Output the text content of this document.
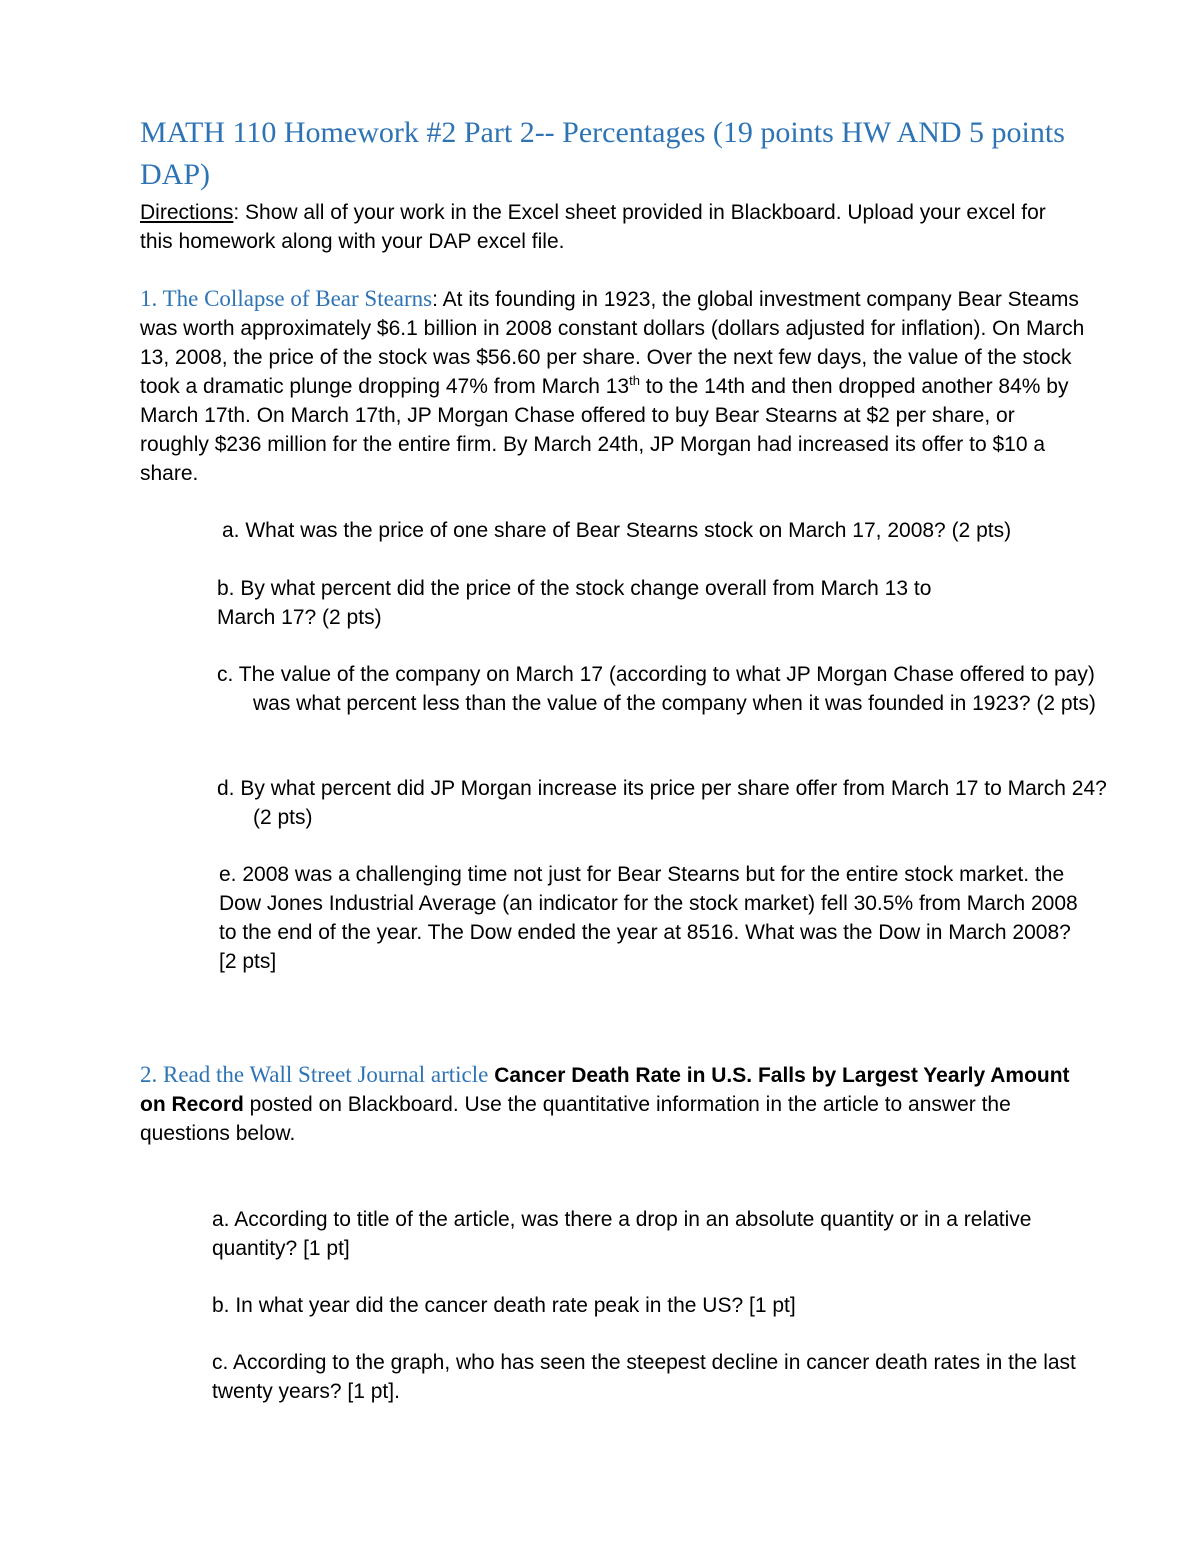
MATH 110 Homework #2 Part 2-- Percentages (19 points HW AND 5 points DAP)

Directions: Show all of your work in the Excel sheet provided in Blackboard. Upload your excel for this homework along with your DAP excel file.

1. The Collapse of Bear Stearns: At its founding in 1923, the global investment company Bear Steams was worth approximately $6.1 billion in 2008 constant dollars (dollars adjusted for inflation). On March 13, 2008, the price of the stock was $56.60 per share. Over the next few days, the value of the stock took a dramatic plunge dropping 47% from March 13th to the 14th and then dropped another 84% by March 17th. On March 17th, JP Morgan Chase offered to buy Bear Stearns at $2 per share, or roughly $236 million for the entire firm. By March 24th, JP Morgan had increased its offer to $10 a share.

a. What was the price of one share of Bear Stearns stock on March 17, 2008? (2 pts)

b. By what percent did the price of the stock change overall from March 13 to
March 17? (2 pts)

c. The value of the company on March 17 (according to what JP Morgan Chase offered to pay) was what percent less than the value of the company when it was founded in 1923? (2 pts)

d. By what percent did JP Morgan increase its price per share offer from March 17 to March 24? (2 pts)

e. 2008 was a challenging time not just for Bear Stearns but for the entire stock market. the Dow Jones Industrial Average (an indicator for the stock market) fell 30.5% from March 2008 to the end of the year. The Dow ended the year at 8516. What was the Dow in March 2008? [2 pts]

2. Read the Wall Street Journal article Cancer Death Rate in U.S. Falls by Largest Yearly Amount on Record posted on Blackboard. Use the quantitative information in the article to answer the questions below.

a. According to title of the article, was there a drop in an absolute quantity or in a relative quantity? [1 pt]

b. In what year did the cancer death rate peak in the US? [1 pt]

c. According to the graph, who has seen the steepest decline in cancer death rates in the last twenty years? [1 pt].
